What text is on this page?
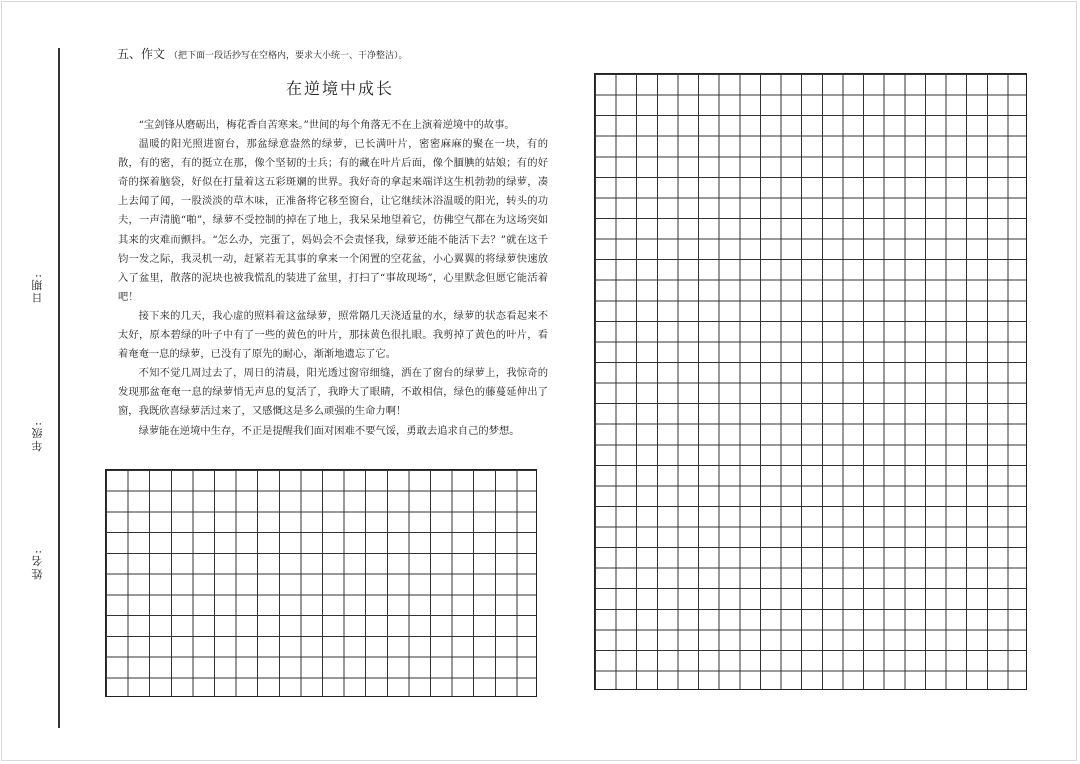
日期:
年级:
姓名:
五、作文 （把下面一段话抄写在空格内，要求大小统一、干净整洁）。
在逆境中成长

“宝剑锋从磨砺出，梅花香自苦寒来。”世间的每个角落无不在上演着逆境中的故事。

温暖的阳光照进窗台，那盆绿意盎然的绿萝，已长满叶片，密密麻麻的聚在一块，有的散，有的密，有的挺立在那，像个坚韧的士兵；有的藏在叶片后面，像个腼腆的姑娘；有的好奇的探着脑袋，好似在打量着这五彩斑斓的世界。我好奇的拿起来端详这生机勃勃的绿萝，凑上去闻了闻，一股淡淡的草木味，正准备将它移至窗台，让它继续沐浴温暖的阳光，转头的功夫，一声清脆“啪”，绿萝不受控制的掉在了地上，我呆呆地望着它，仿佛空气都在为这场突如其来的灾难而颤抖。“怎么办，完蛋了，妈妈会不会责怪我，绿萝还能不能活下去？”就在这千钧一发之际，我灵机一动，赶紧若无其事的拿来一个闲置的空花盆，小心翼翼的将绿萝快速放入了盆里，散落的泥块也被我慌乱的装进了盆里，打扫了“事故现场”，心里默念但愿它能活着吧！

接下来的几天，我心虚的照料着这盆绿萝，照常隔几天浇适量的水，绿萝的状态看起来不太好，原本碧绿的叶子中有了一些的黄色的叶片，那抹黄色很扎眼。我剪掉了黄色的叶片，看着奄奄一息的绿萝，已没有了原先的耐心，渐渐地遗忘了它。

不知不觉几周过去了，周日的清晨，阳光透过窗帘细缝，洒在了窗台的绿萝上，我惊奇的发现那盆奄奄一息的绿萝悄无声息的复活了，我睁大了眼睛，不敢相信，绿色的藤蔓延伸出了窗，我既欣喜绿萝活过来了，又感慨这是多么顽强的生命力啊！

绿萝能在逆境中生存，不正是提醒我们面对困难不要气馁，勇敢去追求自己的梦想。
